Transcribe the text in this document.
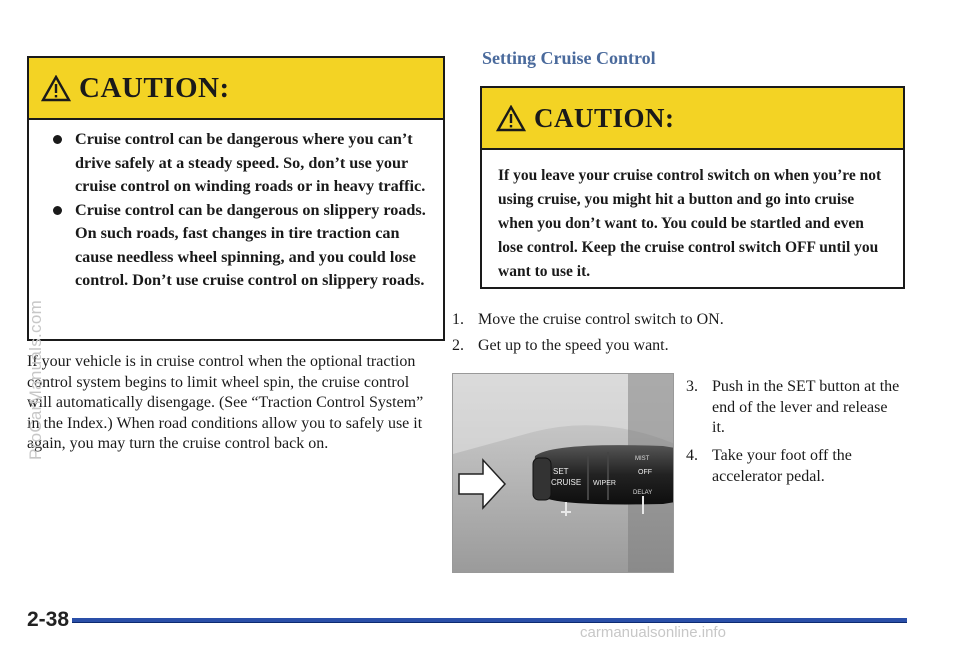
CAUTION:
Cruise control can be dangerous where you can’t drive safely at a steady speed. So, don’t use your cruise control on winding roads or in heavy traffic.
Cruise control can be dangerous on slippery roads. On such roads, fast changes in tire traction can cause needless wheel spinning, and you could lose control. Don’t use cruise control on slippery roads.
If your vehicle is in cruise control when the optional traction control system begins to limit wheel spin, the cruise control will automatically disengage. (See “Traction Control System” in the Index.) When road conditions allow you to safely use it again, you may turn the cruise control back on.
Setting Cruise Control
CAUTION:
If you leave your cruise control switch on when you’re not using cruise, you might hit a button and go into cruise when you don’t want to. You could be startled and even lose control. Keep the cruise control switch OFF until you want to use it.
1. Move the cruise control switch to ON.
2. Get up to the speed you want.
3. Push in the SET button at the end of the lever and release it.
4. Take your foot off the accelerator pedal.
SET
CRUISE WIPER
OFF
MIST
DELAY
2-38
ProCarManuals.com
carmanualsonline.info
